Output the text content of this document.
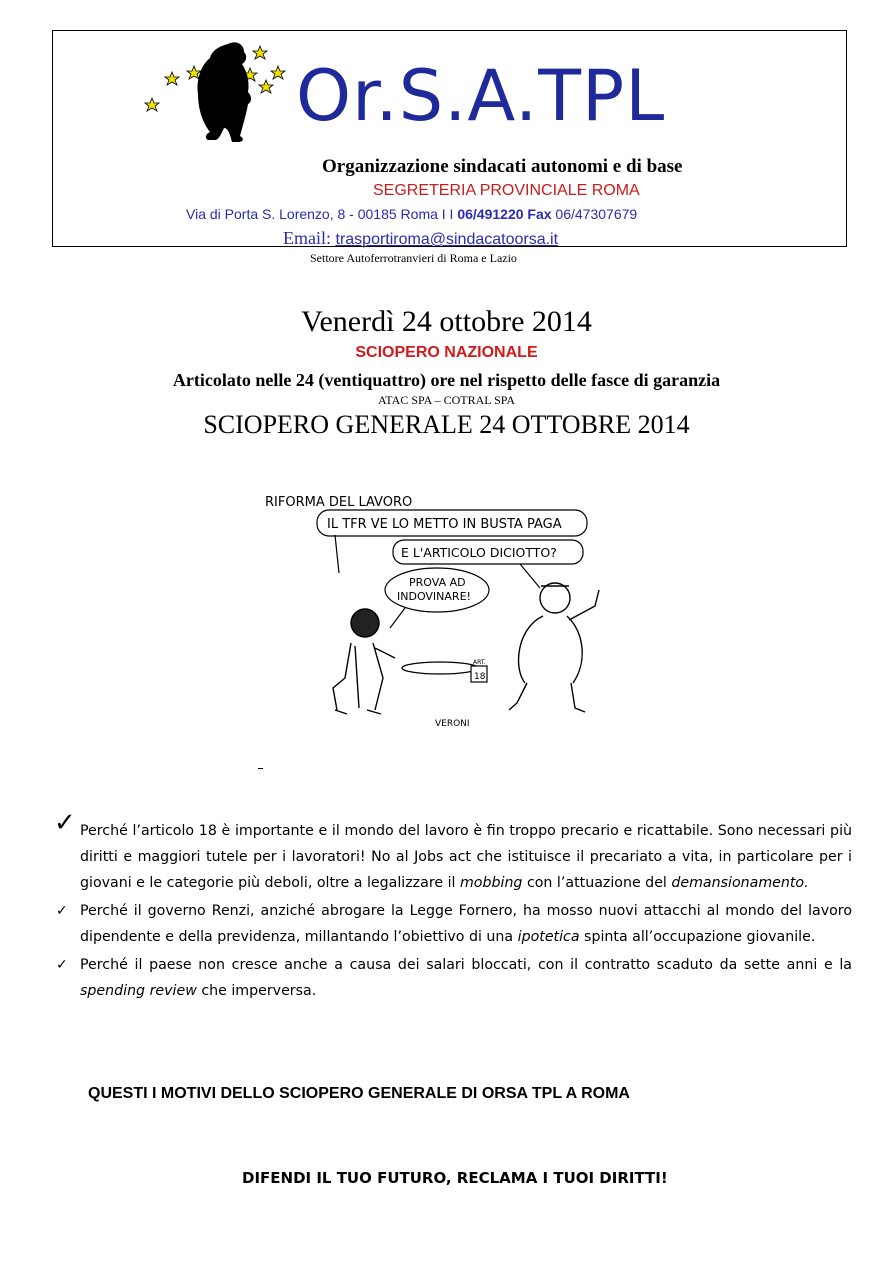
Or.S.A.TPL
Organizzazione sindacati autonomi e di base
SEGRETERIA PROVINCIALE ROMA
Via di Porta S. Lorenzo, 8 - 00185 Roma I I 06/491220 Fax 06/47307679
Email: trasportiroma@sindacatoorsa.it
Settore Autoferrotranvieri di Roma e Lazio
Venerdì 24 ottobre 2014
SCIOPERO NAZIONALE
Articolato nelle 24 (ventiquattro) ore nel rispetto delle fasce di garanzia
ATAC SPA – COTRAL SPA
SCIOPERO GENERALE 24 OTTOBRE 2014
RIFORMA DEL LAVORO
IL TFR VE LO METTO IN BUSTA PAGA
E L'ARTICOLO DICIOTTO?
PROVA AD
INDOVINARE!
ART.
18
VERONI
✓ Perché l’articolo 18 è importante e il mondo del lavoro è fin troppo precario e ricattabile. Sono necessari più diritti e maggiori tutele per i lavoratori! No al Jobs act che istituisce il precariato a vita, in particolare per i giovani e le categorie più deboli, oltre a legalizzare il mobbing con l’attuazione del demansionamento.
✓ Perché il governo Renzi, anziché abrogare la Legge Fornero, ha mosso nuovi attacchi al mondo del lavoro dipendente e della previdenza, millantando l’obiettivo di una ipotetica spinta all’occupazione giovanile.
✓ Perché il paese non cresce anche a causa dei salari bloccati, con il contratto scaduto da sette anni e la spending review che imperversa.
QUESTI I MOTIVI DELLO SCIOPERO GENERALE DI ORSA TPL A ROMA
DIFENDI IL TUO FUTURO, RECLAMA I TUOI DIRITTI!
